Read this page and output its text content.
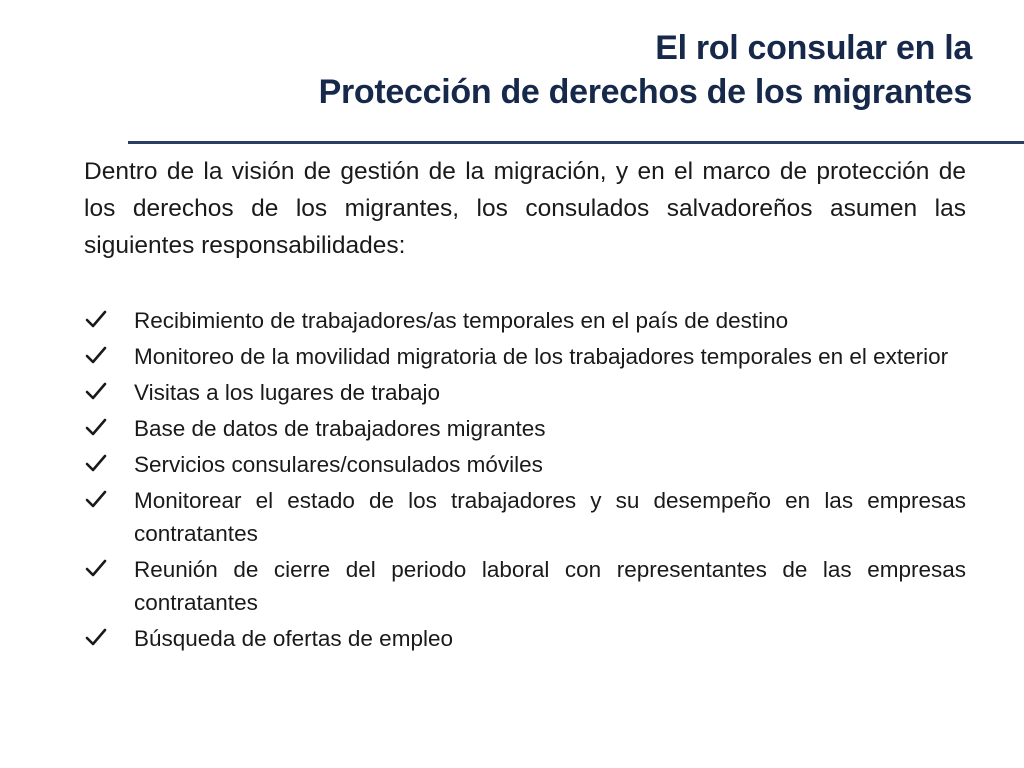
El rol consular en la
Protección de derechos de los migrantes
Dentro de la visión de gestión de la migración, y en el marco de protección de los derechos de los migrantes, los consulados salvadoreños asumen las siguientes responsabilidades:
Recibimiento de trabajadores/as temporales en el país de destino
Monitoreo de la movilidad migratoria de los trabajadores temporales en el exterior
Visitas a los lugares de trabajo
Base de datos de trabajadores migrantes
Servicios consulares/consulados móviles
Monitorear el estado de los trabajadores y su desempeño en las empresas contratantes
Reunión de cierre del periodo laboral con representantes de las empresas contratantes
Búsqueda de ofertas de empleo
